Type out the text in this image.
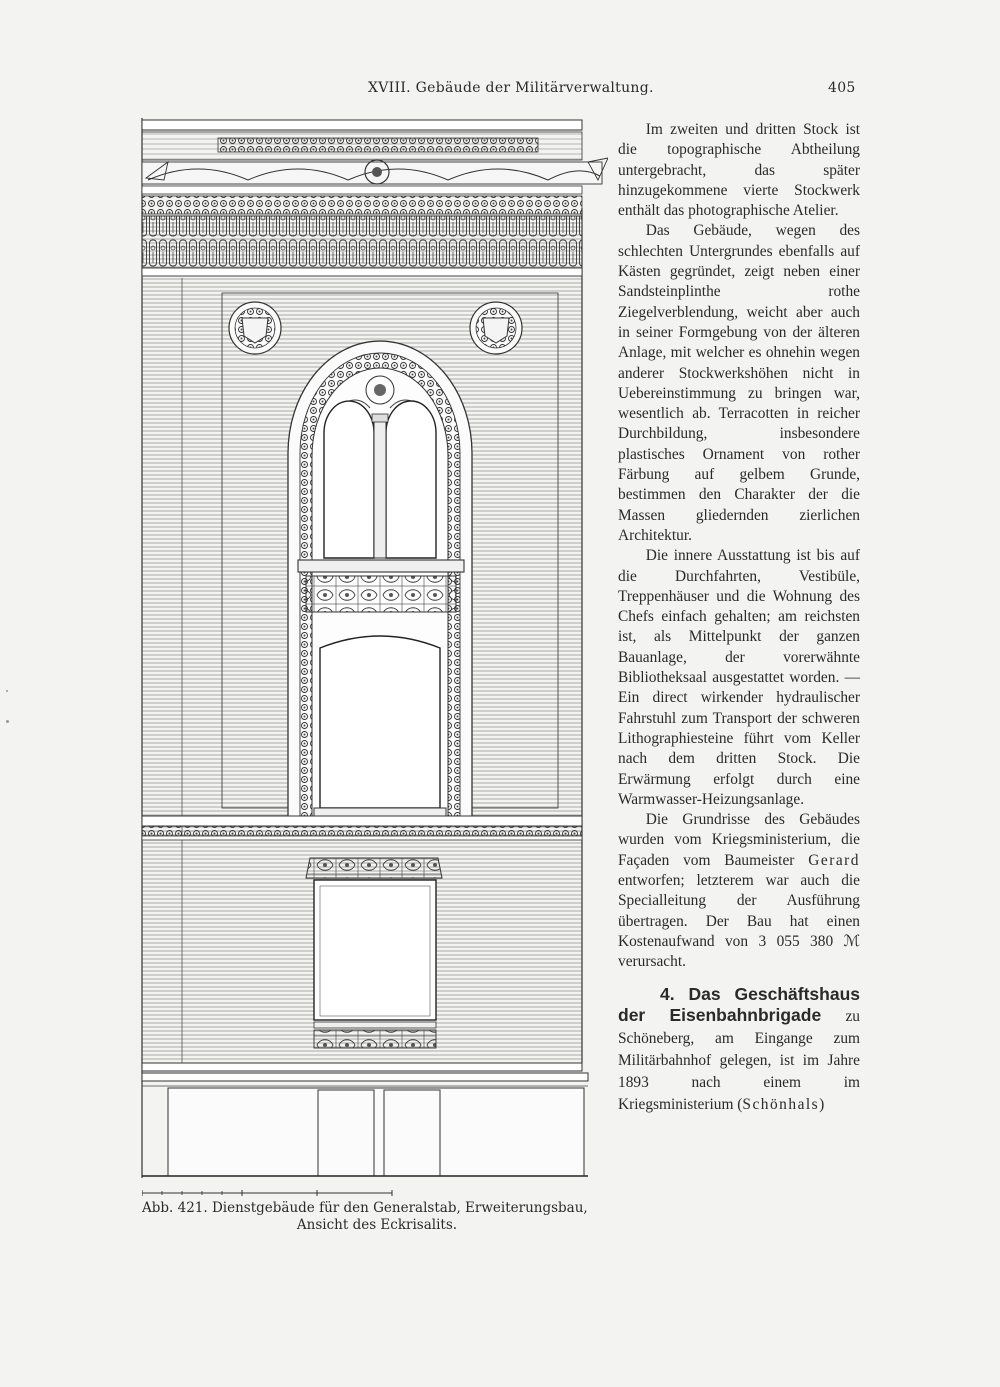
XVIII. Gebäude der Militärverwaltung.	405
Abb. 421. Dienstgebäude für den Generalstab, Erweiterungsbau,
Ansicht des Eckrisalits.

Im zweiten und dritten Stock ist die topographische Abtheilung untergebracht, das später hinzugekommene vierte Stockwerk enthält das photographische Atelier.

Das Gebäude, wegen des schlechten Untergrundes ebenfalls auf Kästen gegründet, zeigt neben einer Sandsteinplinthe rothe Ziegelverblendung, weicht aber auch in seiner Formgebung von der älteren Anlage, mit welcher es ohnehin wegen anderer Stockwerkshöhen nicht in Uebereinstimmung zu bringen war, wesentlich ab. Terracotten in reicher Durchbildung, insbesondere plastisches Ornament von rother Färbung auf gelbem Grunde, bestimmen den Charakter der die Massen gliedernden zierlichen Architektur.

Die innere Ausstattung ist bis auf die Durchfahrten, Vestibüle, Treppenhäuser und die Wohnung des Chefs einfach gehalten; am reichsten ist, als Mittelpunkt der ganzen Bauanlage, der vorerwähnte Bibliotheksaal ausgestattet worden. — Ein direct wirkender hydraulischer Fahrstuhl zum Transport der schweren Lithographiesteine führt vom Keller nach dem dritten Stock. Die Erwärmung erfolgt durch eine Warmwasser-Heizungsanlage.

Die Grundrisse des Gebäudes wurden vom Kriegsministerium, die Façaden vom Baumeister Gerard entworfen; letzterem war auch die Specialleitung der Ausführung übertragen. Der Bau hat einen Kostenaufwand von 3 055 380 ℳ verursacht.

4. Das Geschäftshaus der Eisenbahnbrigade zu Schöneberg, am Eingange zum Militärbahnhof gelegen, ist im Jahre 1893 nach einem im Kriegsministerium (Schönhals)
